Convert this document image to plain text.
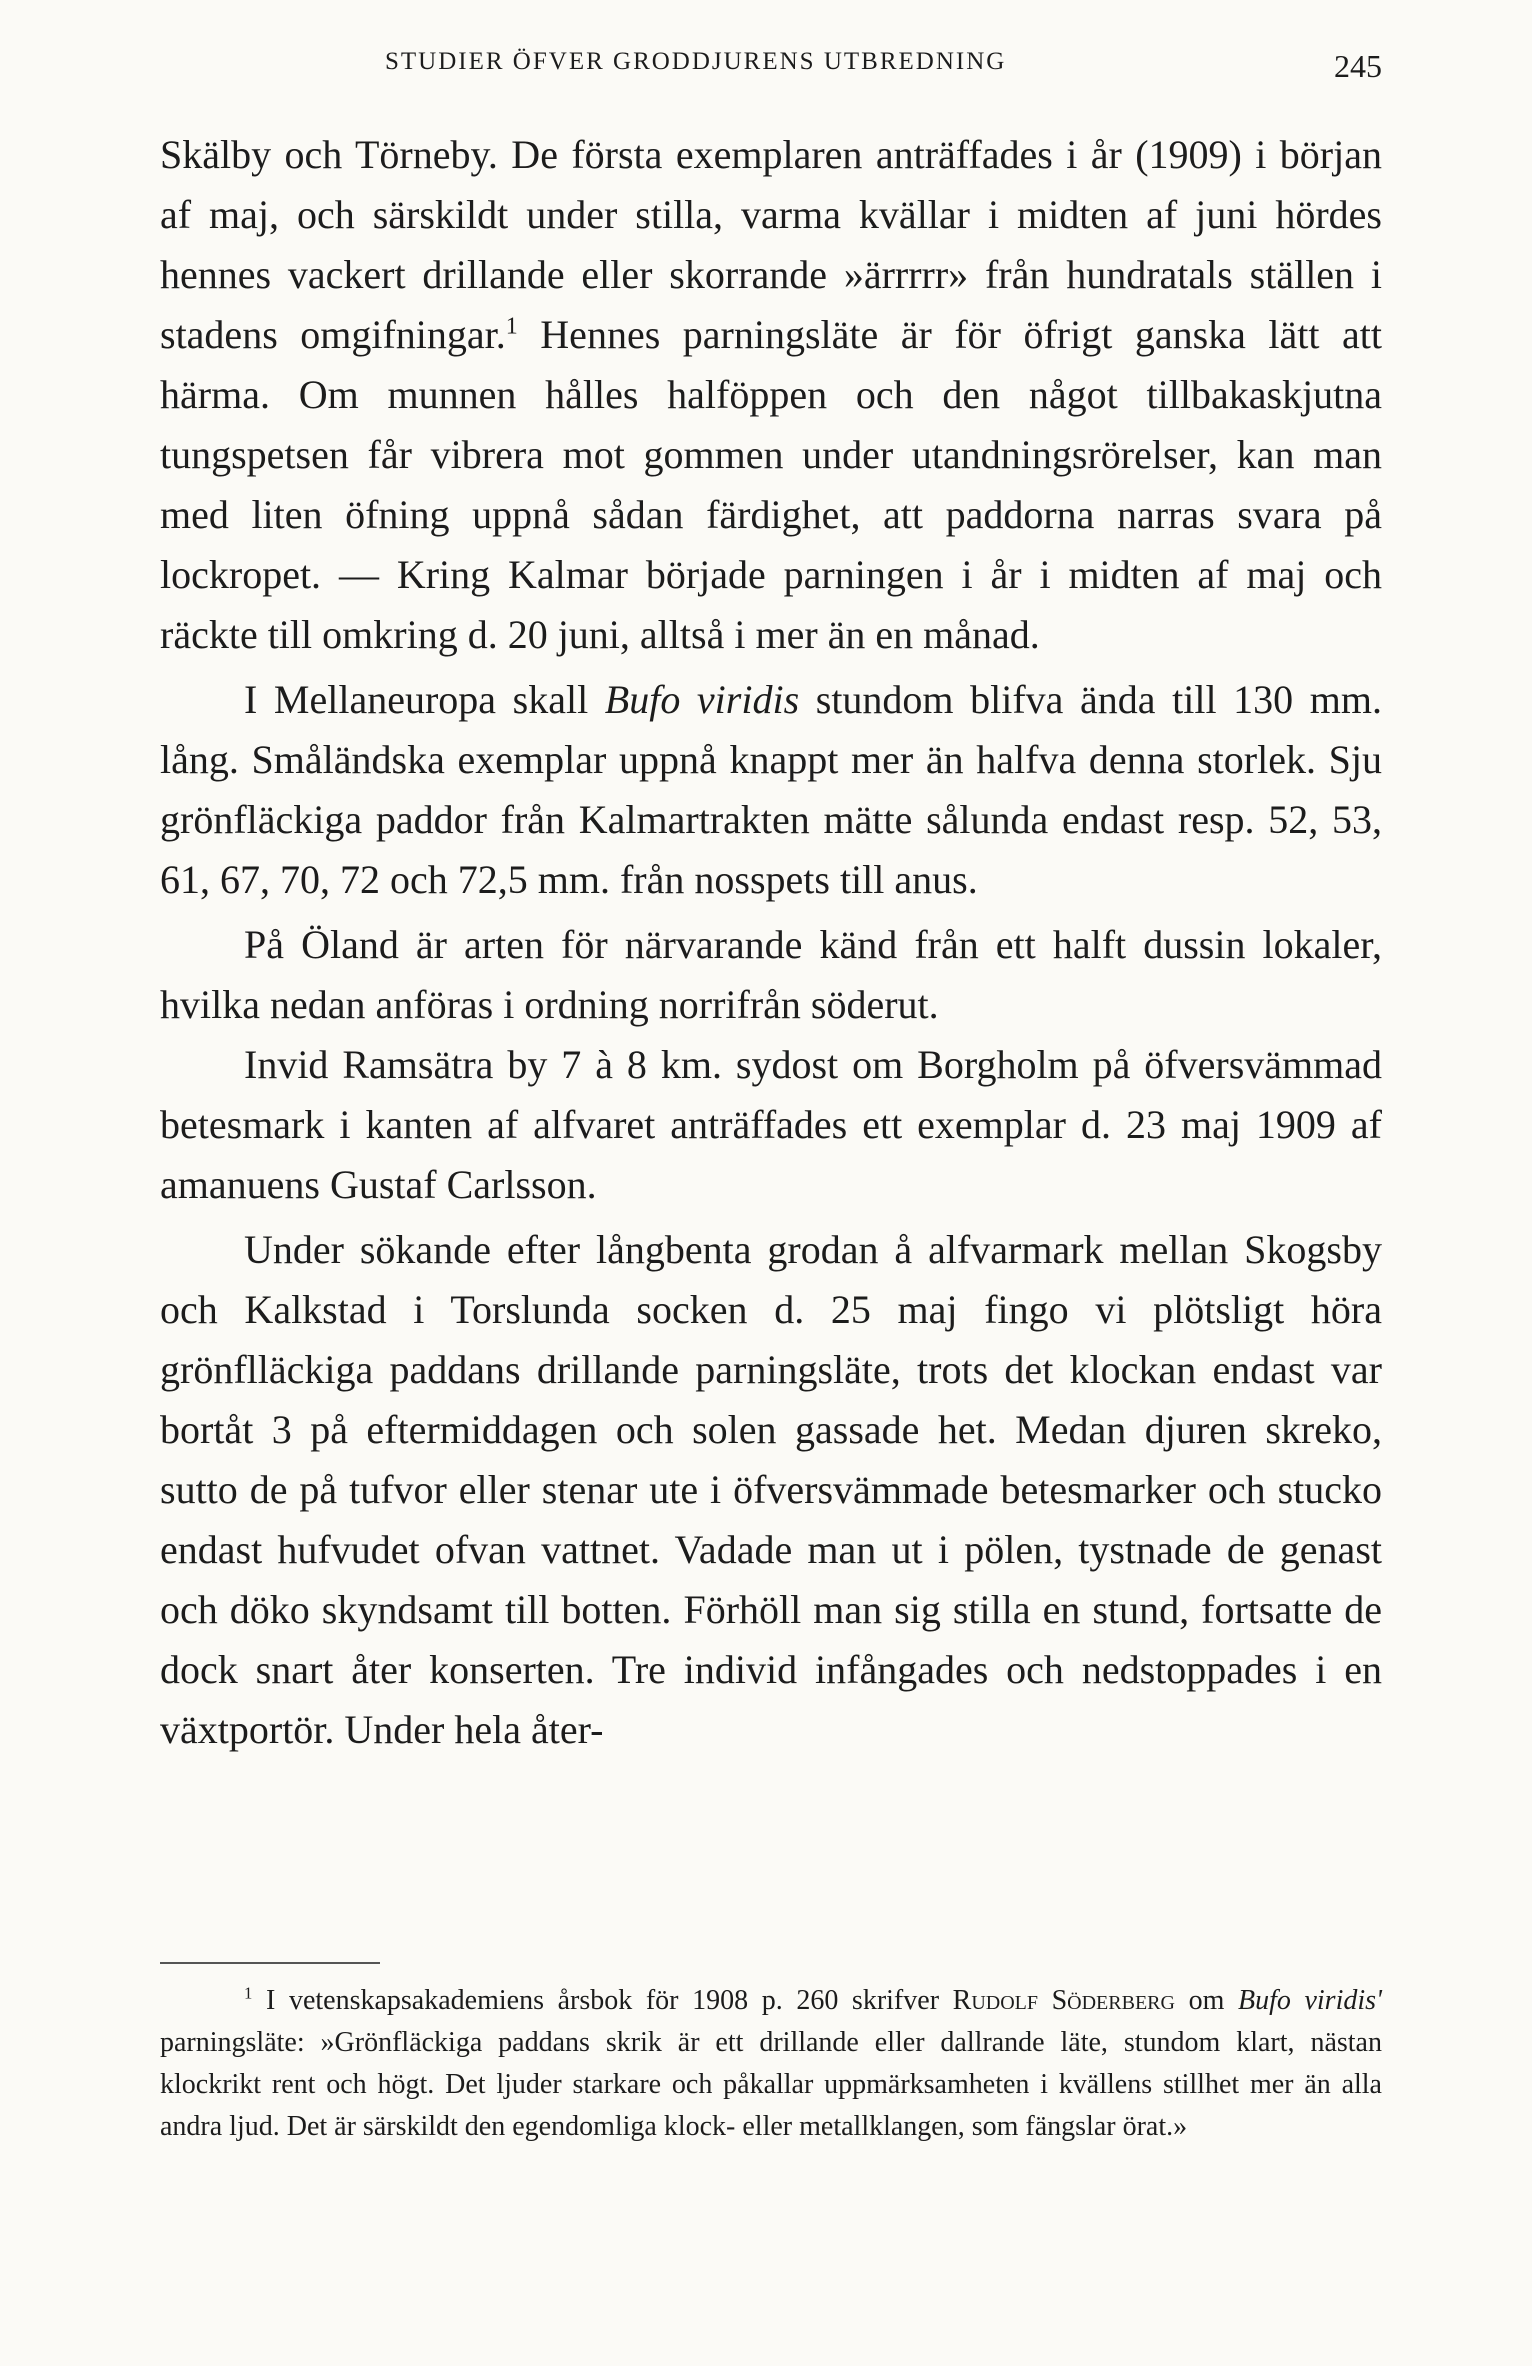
STUDIER ÖFVER GRODDJURENS UTBREDNING	245

Skälby och Törneby. De första exemplaren anträffades i år (1909) i början af maj, och särskildt under stilla, varma kvällar i midten af juni hördes hennes vackert drillande eller skorrande »ärrrrr» från hundratals ställen i stadens omgifningar.$^1$ Hennes parningsläte är för öfrigt ganska lätt att härma. Om munnen hålles halföppen och den något tillbakaskjutna tungspetsen får vibrera mot gommen under utandningsrörelser, kan man med liten öfning uppnå sådan färdighet, att paddorna narras svara på lockropet. — Kring Kalmar började parningen i år i midten af maj och räckte till omkring d. 20 juni, alltså i mer än en månad.

I Mellaneuropa skall Bufo viridis stundom blifva ända till 130 mm. lång. Småländska exemplar uppnå knappt mer än halfva denna storlek. Sju grönfläckiga paddor från Kalmartrakten mätte sålunda endast resp. 52, 53, 61, 67, 70, 72 och 72,5 mm. från nosspets till anus.

På Öland är arten för närvarande känd från ett halft dussin lokaler, hvilka nedan anföras i ordning norrifrån söderut.

Invid Ramsätra by 7 à 8 km. sydost om Borgholm på öfversvämmad betesmark i kanten af alfvaret anträffades ett exemplar d. 23 maj 1909 af amanuens Gustaf Carlsson.

Under sökande efter långbenta grodan å alfvarmark mellan Skogsby och Kalkstad i Torslunda socken d. 25 maj fingo vi plötsligt höra grönflläckiga paddans drillande parningsläte, trots det klockan endast var bortåt 3 på eftermiddagen och solen gassade het. Medan djuren skreko, sutto de på tufvor eller stenar ute i öfversvämmade betesmarker och stucko endast hufvudet ofvan vattnet. Vadade man ut i pölen, tystnade de genast och döko skyndsamt till botten. Förhöll man sig stilla en stund, fortsatte de dock snart åter konserten. Tre individ infångades och nedstoppades i en växtportör. Under hela åter-

$^1$ I vetenskapsakademiens årsbok för 1908 p. 260 skrifver Rudolf Söderberg om Bufo viridis' parningsläte: »Grönfläckiga paddans skrik är ett drillande eller dallrande läte, stundom klart, nästan klockrikt rent och högt. Det ljuder starkare och påkallar uppmärksamheten i kvällens stillhet mer än alla andra ljud. Det är särskildt den egendomliga klock- eller metallklangen, som fängslar örat.»
